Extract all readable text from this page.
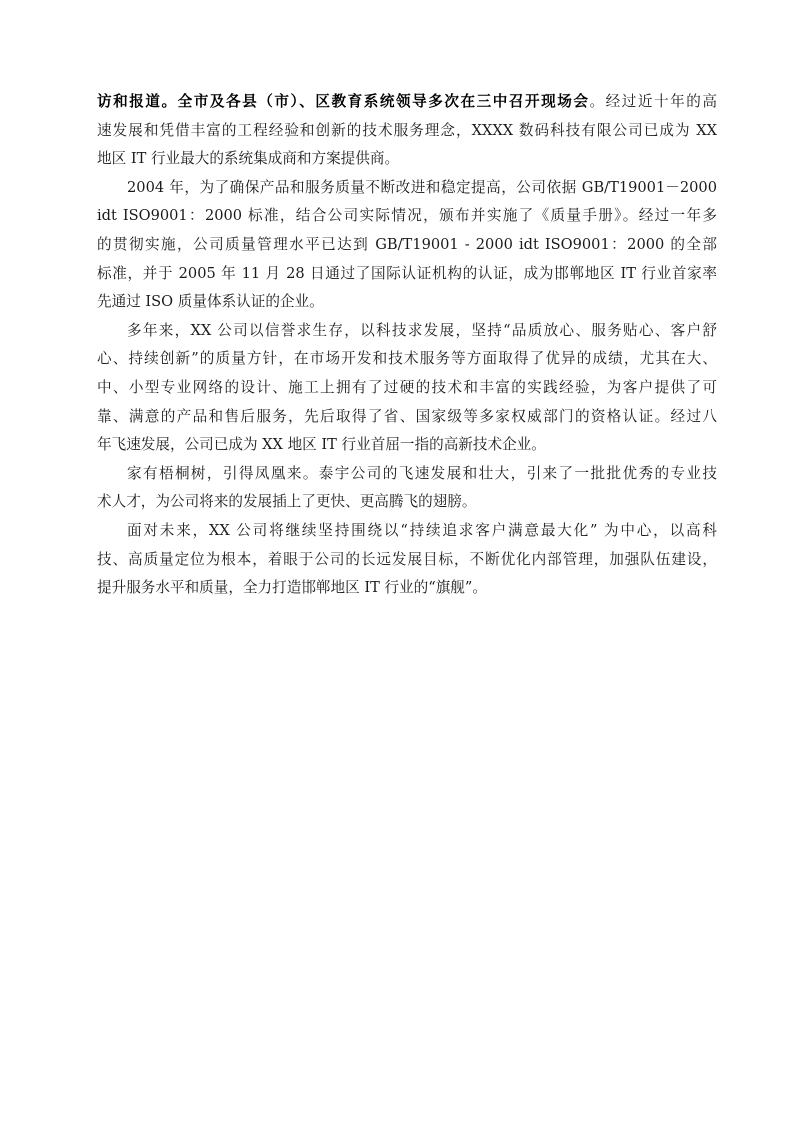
访和报道。全市及各县（市）、区教育系统领导多次在三中召开现场会。经过近十年的高
速发展和凭借丰富的工程经验和创新的技术服务理念，XXXX 数码科技有限公司已成为 XX
地区 IT 行业最大的系统集成商和方案提供商。
2004 年，为了确保产品和服务质量不断改进和稳定提高，公司依据 GB/T19001－2000
idt ISO9001：2000 标准，结合公司实际情况，颁布并实施了《质量手册》。经过一年多
的贯彻实施，公司质量管理水平已达到 GB/T19001 - 2000 idt ISO9001：2000 的全部
标准，并于 2005 年 11 月 28 日通过了国际认证机构的认证，成为邯郸地区 IT 行业首家率
先通过 ISO 质量体系认证的企业。
多年来，XX 公司以信誉求生存，以科技求发展，坚持“品质放心、服务贴心、客户舒
心、持续创新”的质量方针，在市场开发和技术服务等方面取得了优异的成绩，尤其在大、
中、小型专业网络的设计、施工上拥有了过硬的技术和丰富的实践经验，为客户提供了可
靠、满意的产品和售后服务，先后取得了省、国家级等多家权威部门的资格认证。经过八
年飞速发展，公司已成为 XX 地区 IT 行业首屈一指的高新技术企业。
家有梧桐树，引得凤凰来。泰宇公司的飞速发展和壮大，引来了一批批优秀的专业技
术人才，为公司将来的发展插上了更快、更高腾飞的翅膀。
面对未来，XX 公司将继续坚持围绕以“持续追求客户满意最大化” 为中心，以高科
技、高质量定位为根本，着眼于公司的长远发展目标，不断优化内部管理，加强队伍建设，
提升服务水平和质量，全力打造邯郸地区 IT 行业的“旗舰”。
